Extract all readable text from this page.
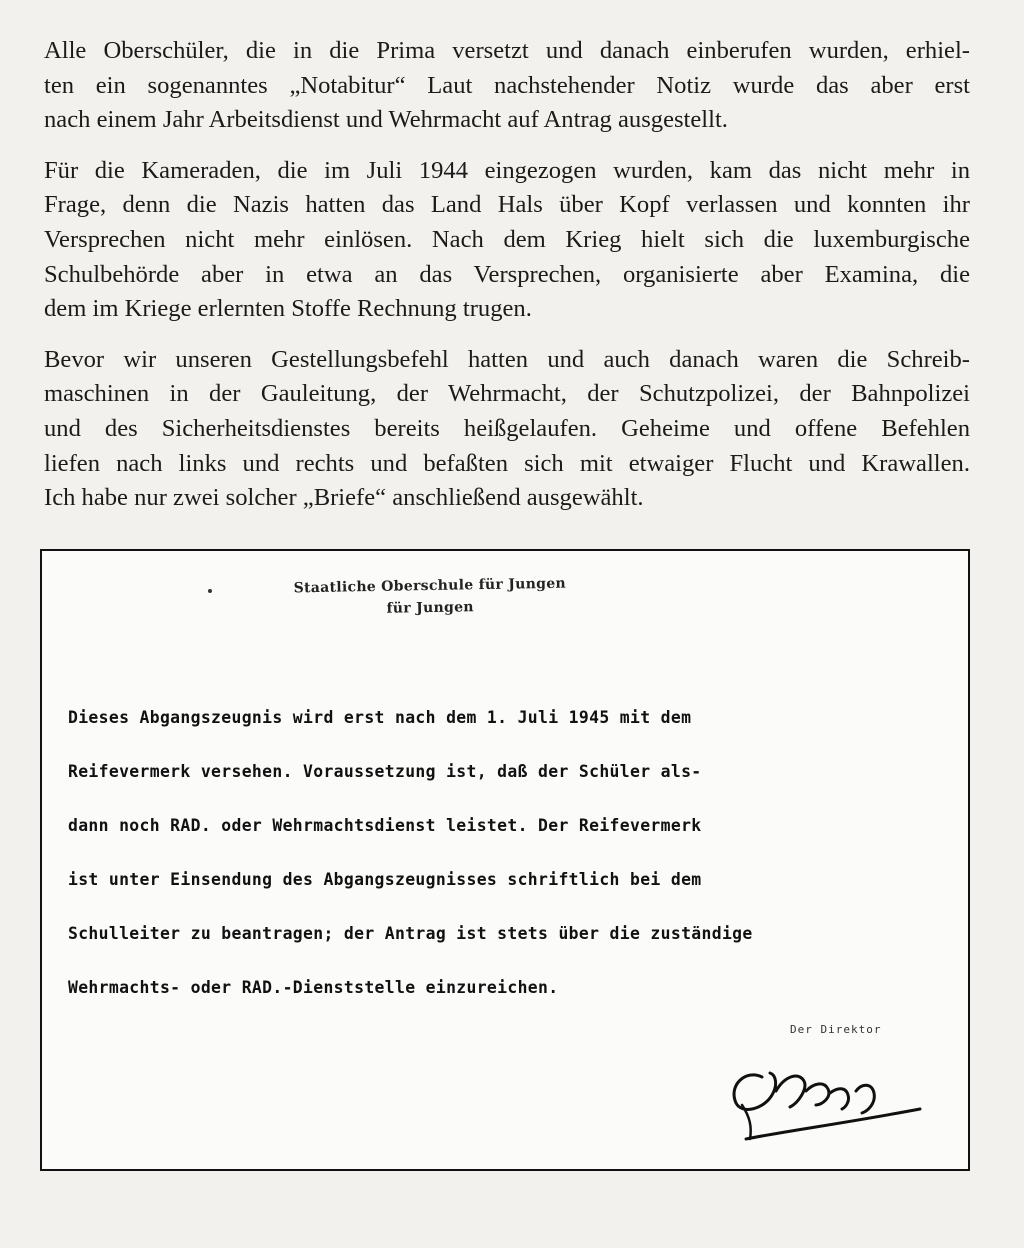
Alle Oberschüler, die in die Prima versetzt und danach einberufen wurden, erhiel-
ten ein sogenanntes „Notabitur“ Laut nachstehender Notiz wurde das aber erst
nach einem Jahr Arbeitsdienst und Wehrmacht auf Antrag ausgestellt.

Für die Kameraden, die im Juli 1944 eingezogen wurden, kam das nicht mehr in
Frage, denn die Nazis hatten das Land Hals über Kopf verlassen und konnten ihr
Versprechen nicht mehr einlösen. Nach dem Krieg hielt sich die luxemburgische
Schulbehörde aber in etwa an das Versprechen, organisierte aber Examina, die
dem im Kriege erlernten Stoffe Rechnung trugen.

Bevor wir unseren Gestellungsbefehl hatten und auch danach waren die Schreib-
maschinen in der Gauleitung, der Wehrmacht, der Schutzpolizei, der Bahnpolizei
und des Sicherheitsdienstes bereits heißgelaufen. Geheime und offene Befehlen
liefen nach links und rechts und befaßten sich mit etwaiger Flucht und Krawallen.
Ich habe nur zwei solcher „Briefe“ anschließend ausgewählt.

Staatliche Oberschule für Jungen
für Jungen
Dieses Abgangszeugnis wird erst nach dem 1. Juli 1945 mit dem
Reifevermerk versehen. Voraussetzung ist, daß der Schüler als-
dann noch RAD. oder Wehrmachtsdienst leistet. Der Reifevermerk
ist unter Einsendung des Abgangszeugnisses schriftlich bei dem
Schulleiter zu beantragen; der Antrag ist stets über die zuständige
Wehrmachts- oder RAD.-Dienststelle einzureichen.
Der Direktor
